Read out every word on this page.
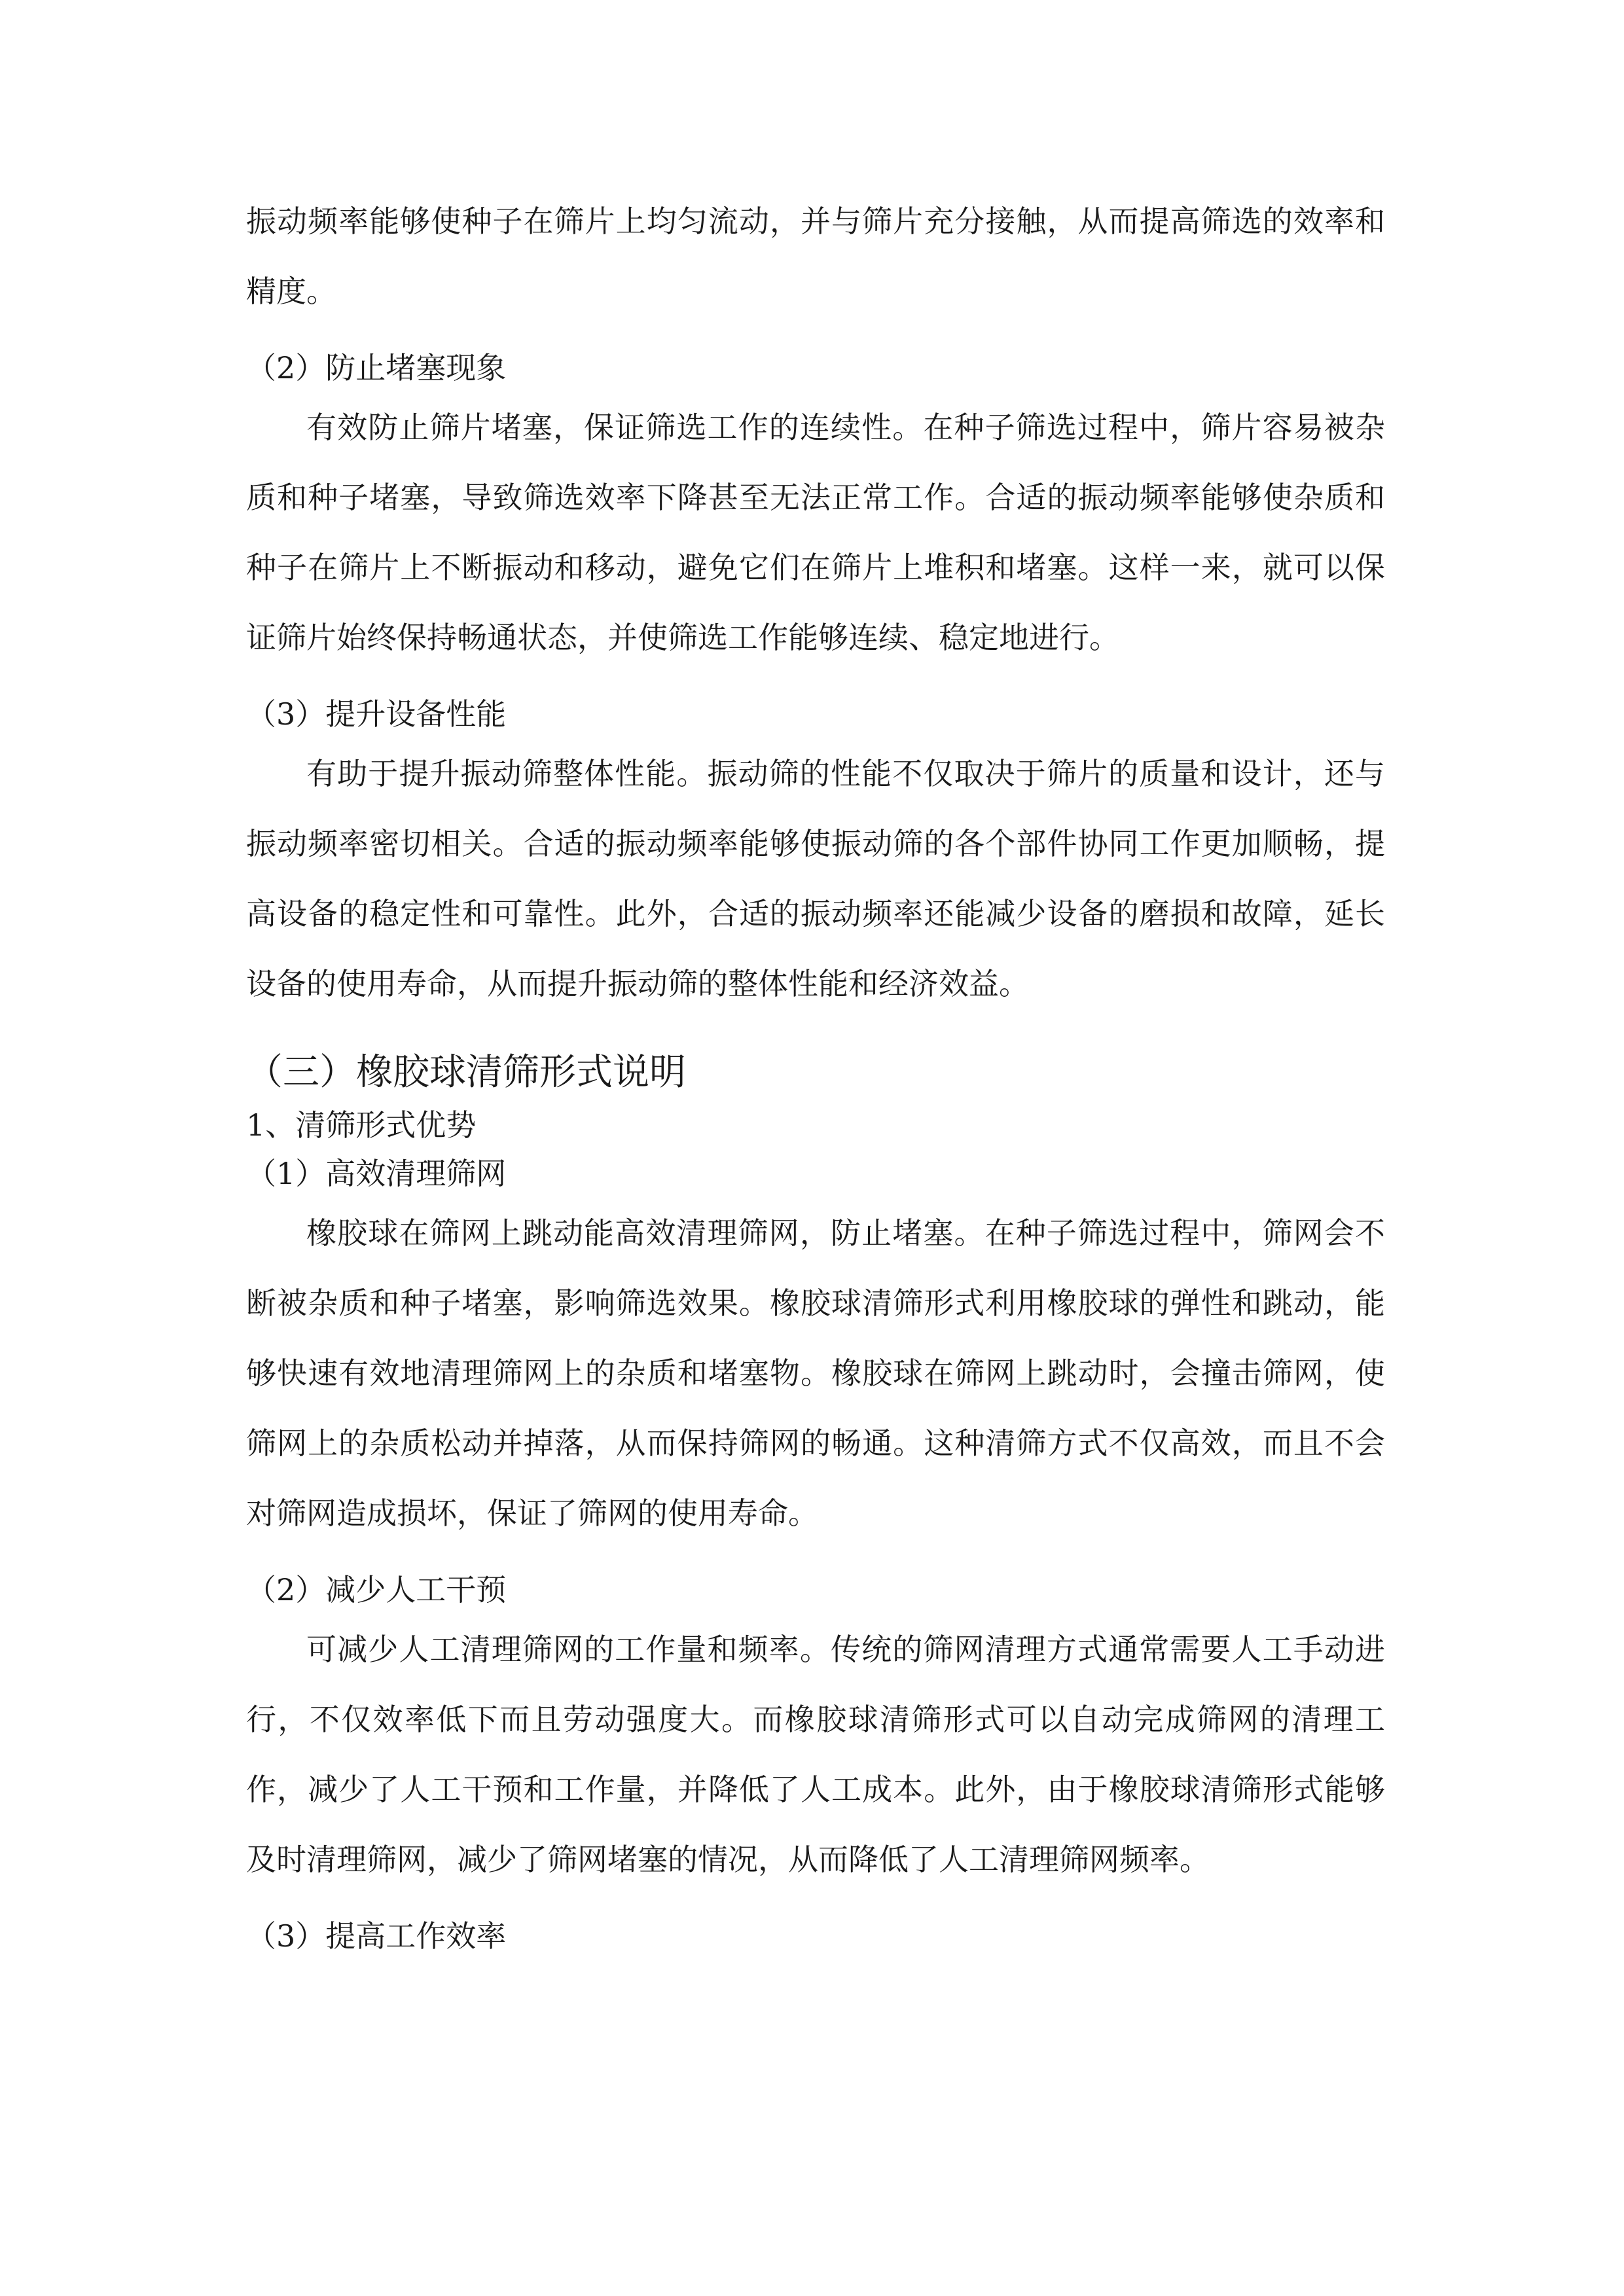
振动频率能够使种子在筛片上均匀流动，并与筛片充分接触，从而提高筛选的效率和精度。

（2）防止堵塞现象

有效防止筛片堵塞，保证筛选工作的连续性。在种子筛选过程中，筛片容易被杂质和种子堵塞，导致筛选效率下降甚至无法正常工作。合适的振动频率能够使杂质和种子在筛片上不断振动和移动，避免它们在筛片上堆积和堵塞。这样一来，就可以保证筛片始终保持畅通状态，并使筛选工作能够连续、稳定地进行。

（3）提升设备性能

有助于提升振动筛整体性能。振动筛的性能不仅取决于筛片的质量和设计，还与振动频率密切相关。合适的振动频率能够使振动筛的各个部件协同工作更加顺畅，提高设备的稳定性和可靠性。此外，合适的振动频率还能减少设备的磨损和故障，延长设备的使用寿命，从而提升振动筛的整体性能和经济效益。

（三）橡胶球清筛形式说明
1、清筛形式优势
（1）高效清理筛网

橡胶球在筛网上跳动能高效清理筛网，防止堵塞。在种子筛选过程中，筛网会不断被杂质和种子堵塞，影响筛选效果。橡胶球清筛形式利用橡胶球的弹性和跳动，能够快速有效地清理筛网上的杂质和堵塞物。橡胶球在筛网上跳动时，会撞击筛网，使筛网上的杂质松动并掉落，从而保持筛网的畅通。这种清筛方式不仅高效，而且不会对筛网造成损坏，保证了筛网的使用寿命。

（2）减少人工干预

可减少人工清理筛网的工作量和频率。传统的筛网清理方式通常需要人工手动进行，不仅效率低下而且劳动强度大。而橡胶球清筛形式可以自动完成筛网的清理工作，减少了人工干预和工作量，并降低了人工成本。此外，由于橡胶球清筛形式能够及时清理筛网，减少了筛网堵塞的情况，从而降低了人工清理筛网频率。

（3）提高工作效率
